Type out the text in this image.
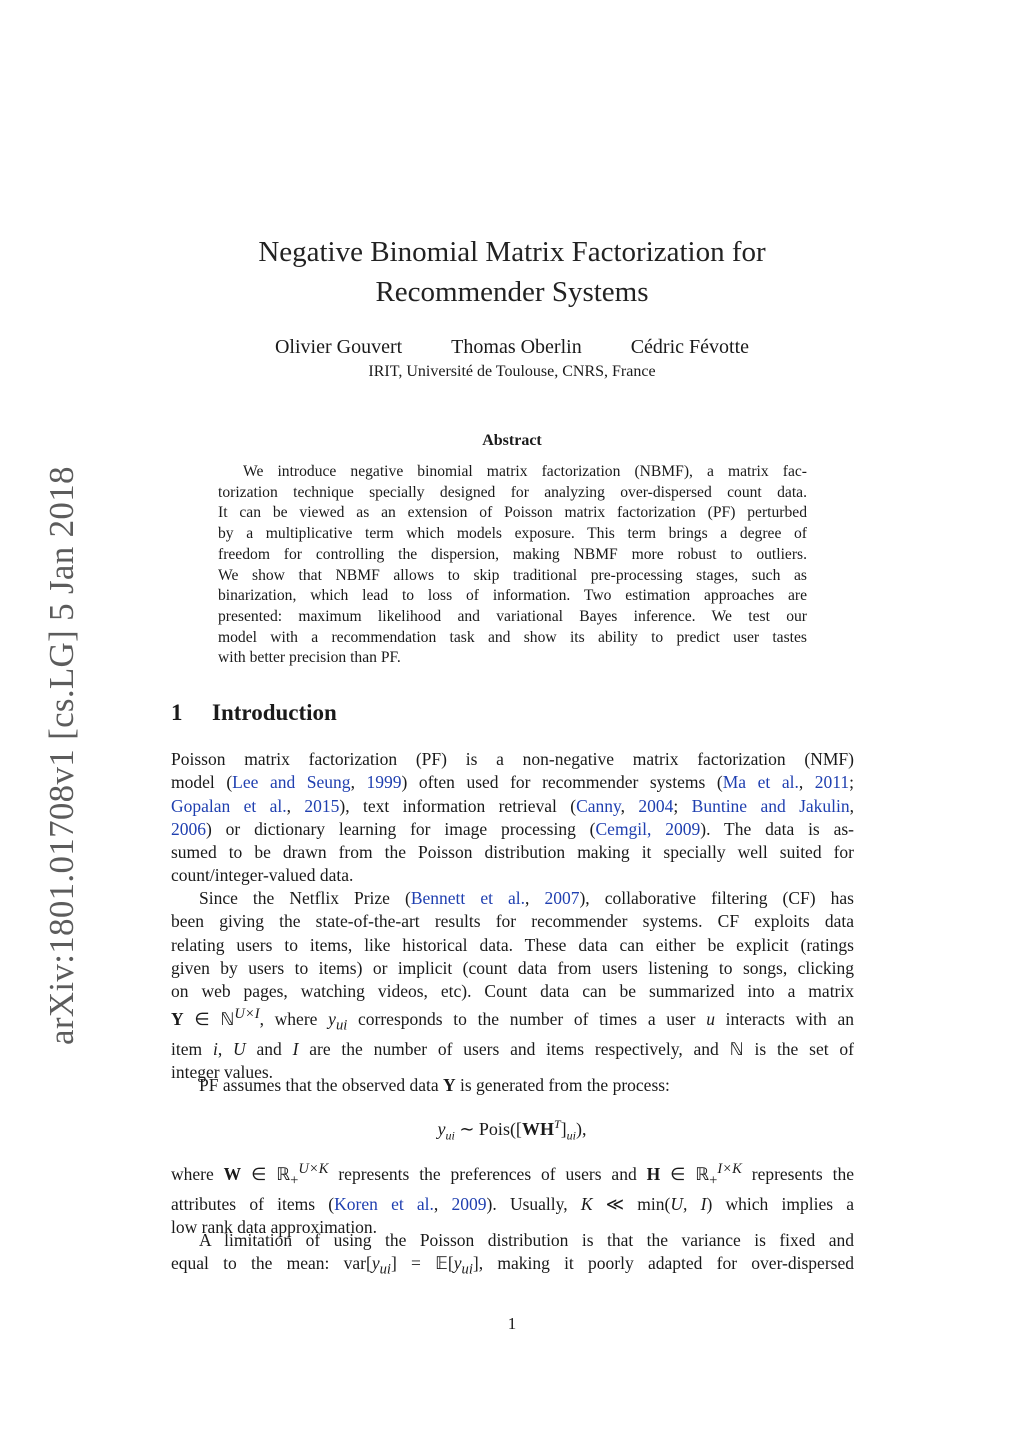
arXiv:1801.01708v1 [cs.LG] 5 Jan 2018
Negative Binomial Matrix Factorization for
Recommender Systems
Olivier Gouvert Thomas Oberlin Cédric Févotte
IRIT, Université de Toulouse, CNRS, France
Abstract
We introduce negative binomial matrix factorization (NBMF), a matrix fac-
torization technique specially designed for analyzing over-dispersed count data.
It can be viewed as an extension of Poisson matrix factorization (PF) perturbed
by a multiplicative term which models exposure. This term brings a degree of
freedom for controlling the dispersion, making NBMF more robust to outliers.
We show that NBMF allows to skip traditional pre-processing stages, such as
binarization, which lead to loss of information. Two estimation approaches are
presented: maximum likelihood and variational Bayes inference. We test our
model with a recommendation task and show its ability to predict user tastes
with better precision than PF.
1 Introduction
Poisson matrix factorization (PF) is a non-negative matrix factorization (NMF)
model (Lee and Seung, 1999) often used for recommender systems (Ma et al., 2011;
Gopalan et al., 2015), text information retrieval (Canny, 2004; Buntine and Jakulin,
2006) or dictionary learning for image processing (Cemgil, 2009). The data is as-
sumed to be drawn from the Poisson distribution making it specially well suited for
count/integer-valued data.
Since the Netflix Prize (Bennett et al., 2007), collaborative filtering (CF) has
been giving the state-of-the-art results for recommender systems. CF exploits data
relating users to items, like historical data. These data can either be explicit (ratings
given by users to items) or implicit (count data from users listening to songs, clicking
on web pages, watching videos, etc). Count data can be summarized into a matrix
Y ∈ ℕ$^{U\times I}$, where $y_{ui}$ corresponds to the number of times a user u interacts with an
item i, U and I are the number of users and items respectively, and ℕ is the set of
integer values.
PF assumes that the observed data Y is generated from the process:
$y_{ui}$ ∼ $Pois([WH^T]_{ui})$,
where W ∈ ℝ$_+^{U\times K}$ represents the preferences of users and H ∈ ℝ$_+^{I\times K}$ represents the
attributes of items (Koren et al., 2009). Usually, K ≪ min(U, I) which implies a
low rank data approximation.
A limitation of using the Poisson distribution is that the variance is fixed and
equal to the mean: $var[y_{ui}]$ = $𝔼[y_{ui}]$, making it poorly adapted for over-dispersed
1
